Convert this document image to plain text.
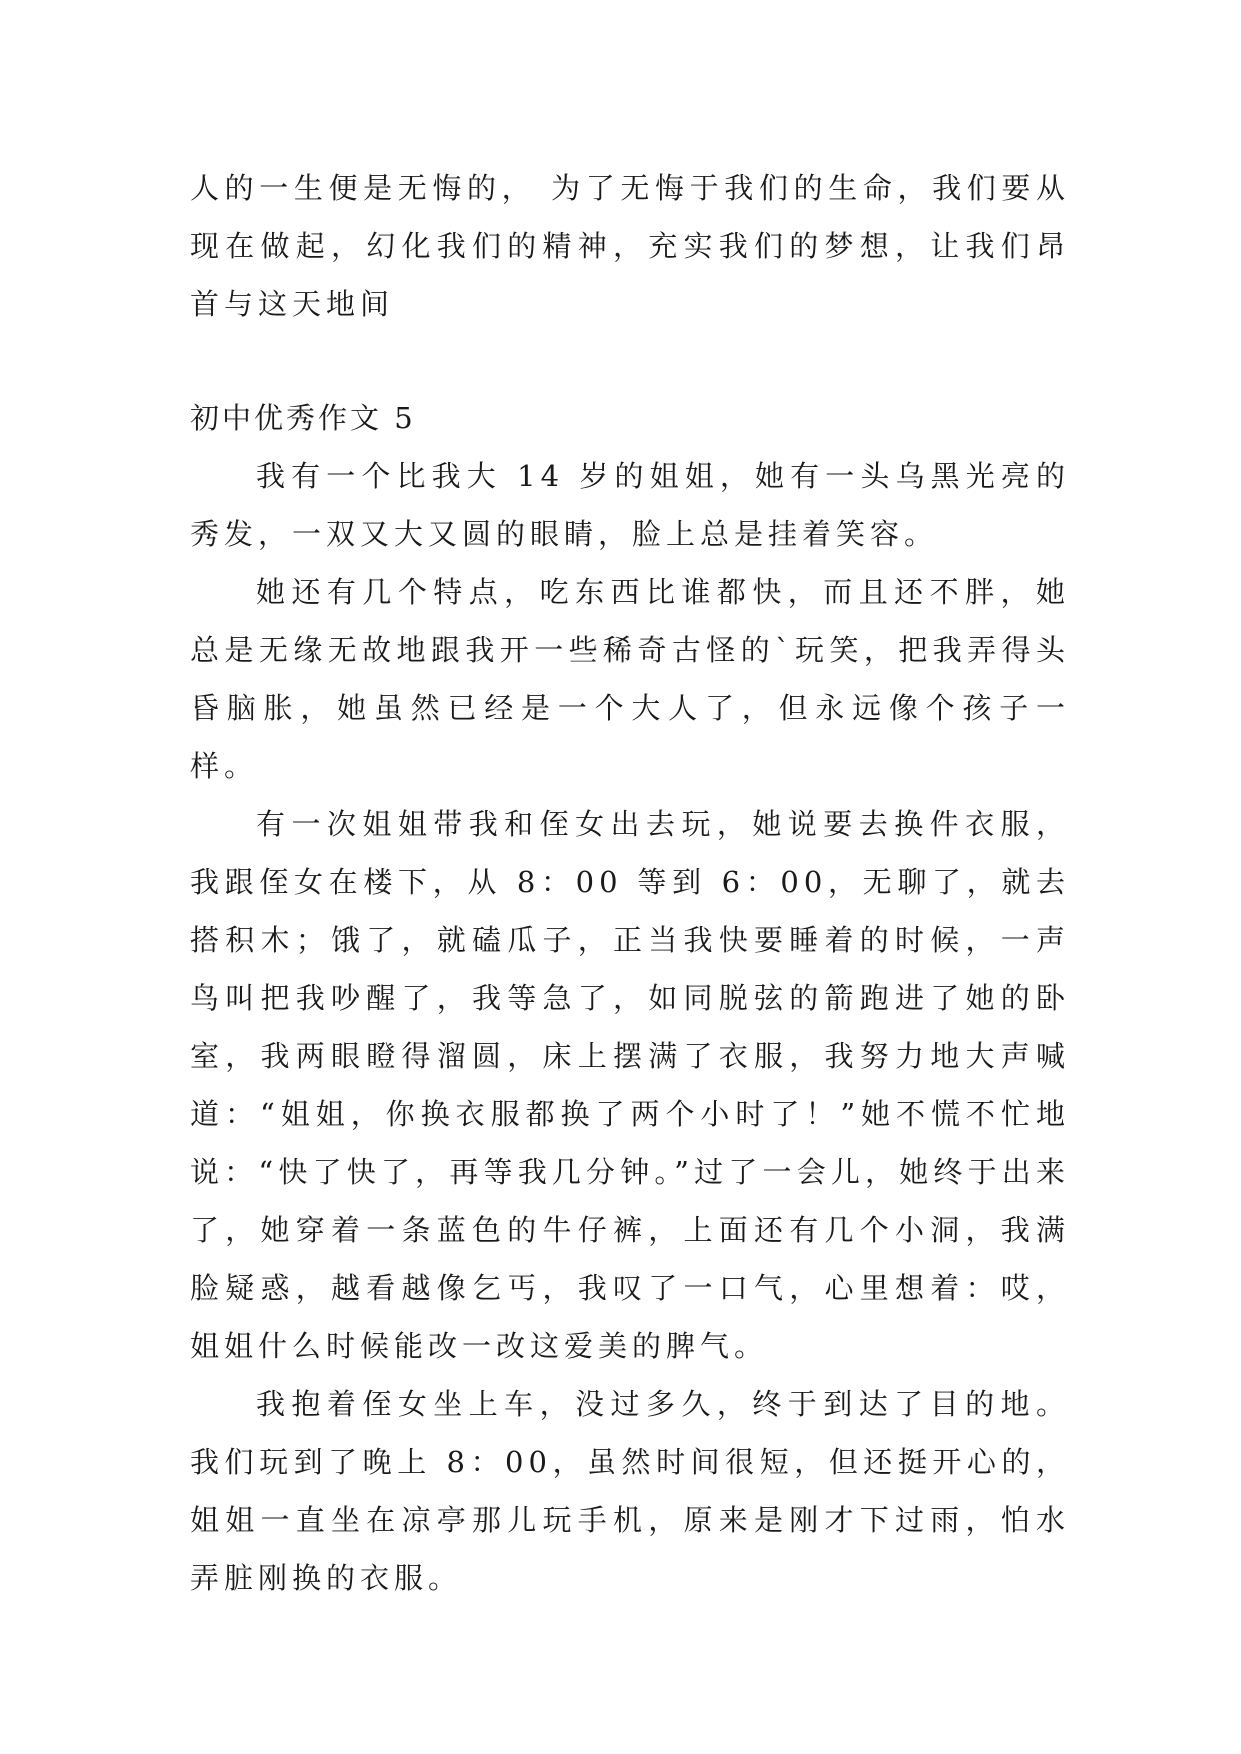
人的一生便是无悔的， 为了无悔于我们的生命，我们要从现在做起，幻化我们的精神，充实我们的梦想，让我们昂首与这天地间

初中优秀作文 5

我有一个比我大 14 岁的姐姐，她有一头乌黑光亮的秀发，一双又大又圆的眼睛，脸上总是挂着笑容。

她还有几个特点，吃东西比谁都快，而且还不胖，她总是无缘无故地跟我开一些稀奇古怪的`玩笑，把我弄得头昏脑胀，她虽然已经是一个大人了，但永远像个孩子一样。

有一次姐姐带我和侄女出去玩，她说要去换件衣服，我跟侄女在楼下，从 8：00 等到 6：00，无聊了，就去搭积木；饿了，就磕瓜子，正当我快要睡着的时候，一声鸟叫把我吵醒了，我等急了，如同脱弦的箭跑进了她的卧室，我两眼瞪得溜圆，床上摆满了衣服，我努力地大声喊道：“姐姐，你换衣服都换了两个小时了！”她不慌不忙地说：“快了快了，再等我几分钟。”过了一会儿，她终于出来了，她穿着一条蓝色的牛仔裤，上面还有几个小洞，我满脸疑惑，越看越像乞丐，我叹了一口气，心里想着：哎，姐姐什么时候能改一改这爱美的脾气。

我抱着侄女坐上车，没过多久，终于到达了目的地。我们玩到了晚上 8：00，虽然时间很短，但还挺开心的，姐姐一直坐在凉亭那儿玩手机，原来是刚才下过雨，怕水弄脏刚换的衣服。
